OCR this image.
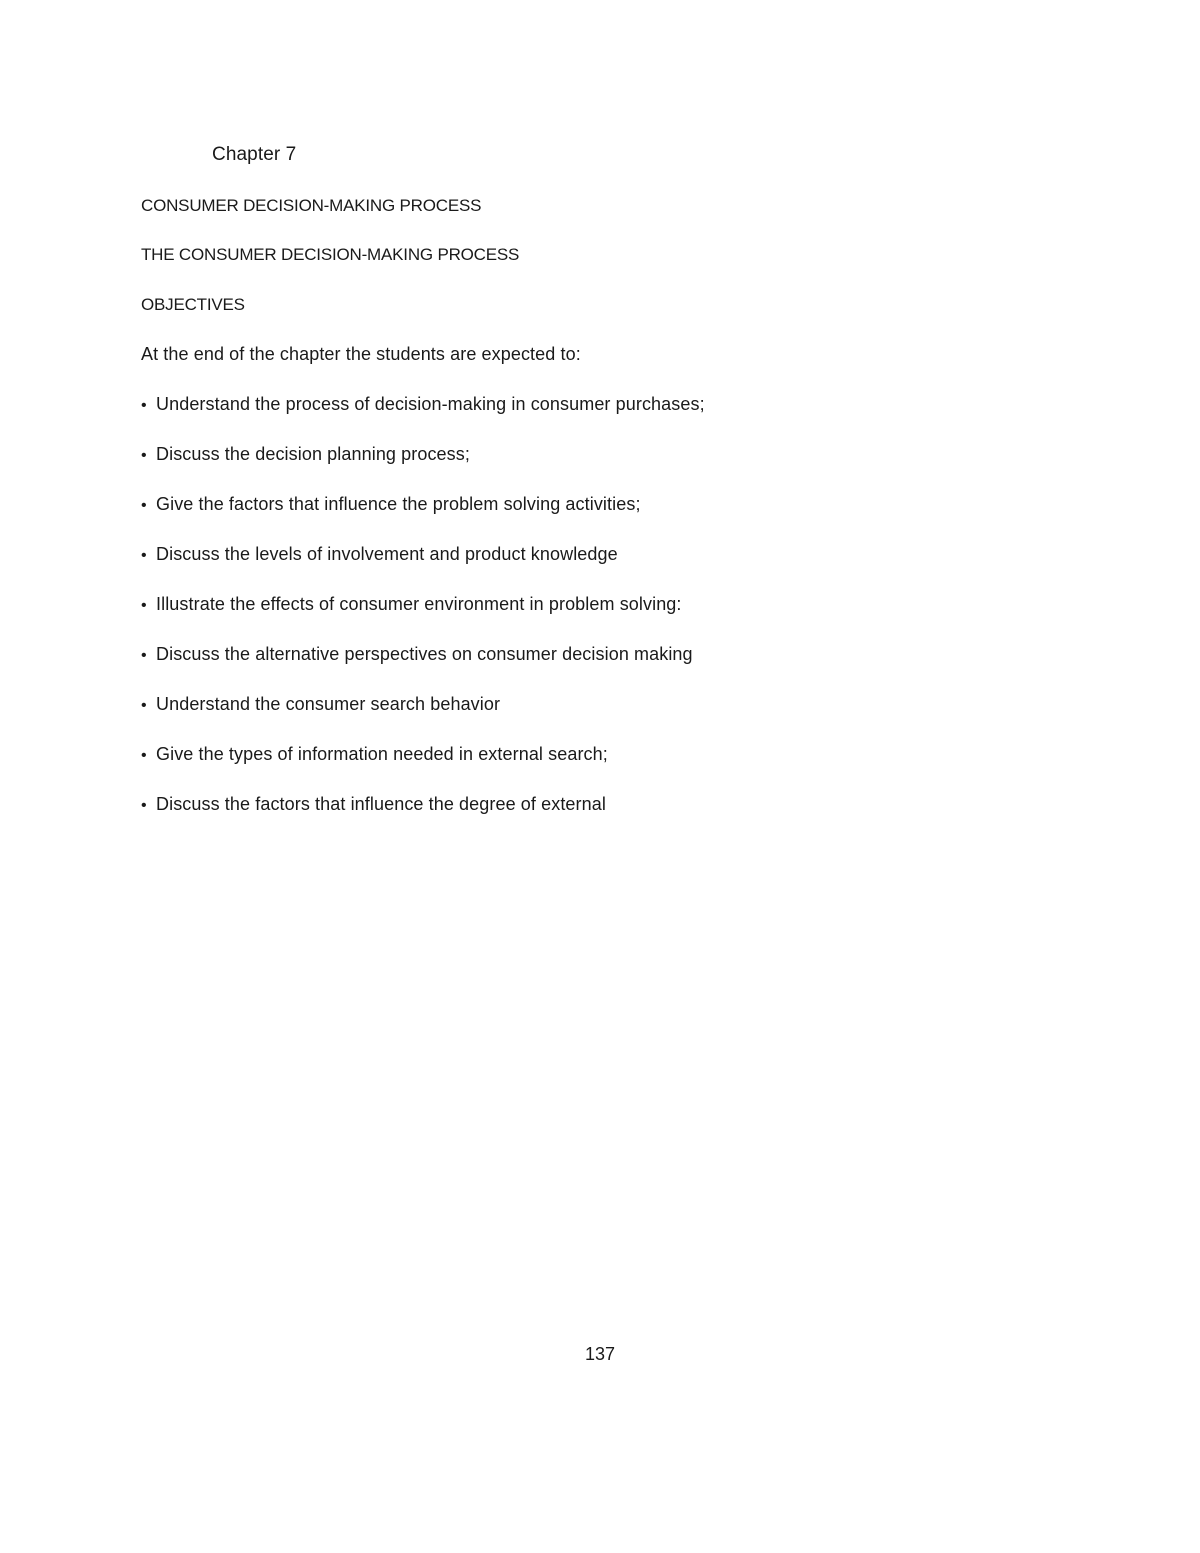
Chapter 7
CONSUMER DECISION-MAKING PROCESS
THE CONSUMER DECISION-MAKING PROCESS
OBJECTIVES
At the end of the chapter the students are expected to:
• Understand the process of decision-making in consumer purchases;
• Discuss the decision planning process;
• Give the factors that influence the problem solving activities;
• Discuss the levels of involvement and product knowledge
• Illustrate the effects of consumer environment in problem solving:
• Discuss the alternative perspectives on consumer decision making
• Understand the consumer search behavior
• Give the types of information needed in external search;
• Discuss the factors that influence the degree of external
137
